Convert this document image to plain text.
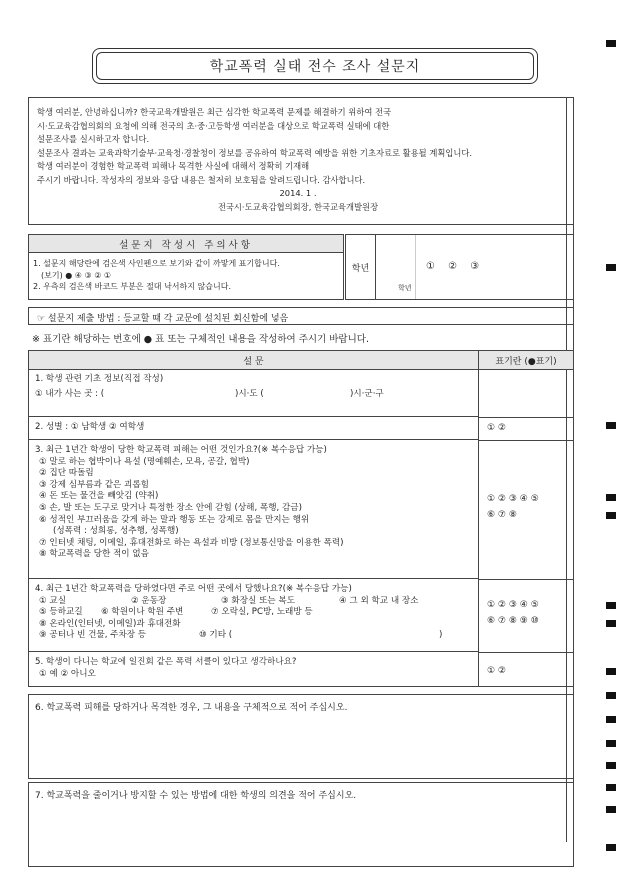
학교폭력 실태 전수 조사 설문지
학생 여러분, 안녕하십니까? 한국교육개발원은 최근 심각한 학교폭력 문제를 해결하기 위하여 전국
시·도교육감협의회의 요청에 의해 전국의 초·중·고등학생 여러분을 대상으로 학교폭력 실태에 대한
설문조사를 실시하고자 합니다.
설문조사 결과는 교육과학기술부·교육청·경찰청이 정보를 공유하여 학교폭력 예방을 위한 기초자료로 활용될 계획입니다.
학생 여러분이 경험한 학교폭력 피해나 목격한 사실에 대해서 정확히 기재해
주시기 바랍니다. 작성자의 정보와 응답 내용은 철저히 보호됨을 알려드립니다. 감사합니다.
2014. 1 .
전국시·도교육감협의회장, 한국교육개발원장
설문지 작성시 주의사항
1. 설문지 해당란에 검은색 사인펜으로 보기와 같이 까맣게 표기합니다.
(보기) ● ④ ③ ② ①
2. 우측의 검은색 바코드 부분은 절대 낙서하지 않습니다.
학년
학년
① ② ③
☞ 설문지 제출 방법 : 등교할 때 각 교문에 설치된 회신함에 넣음
※ 표기란 해당하는 번호에 ● 표 또는 구체적인 내용을 작성하여 주시기 바랍니다.
설 문	표기란 (●표기)
1. 학생 관련 기초 정보(직접 작성)
① 내가 사는 곳 : (	)시·도 (	)시·군·구
2. 성별 : ① 남학생 ② 여학생	① ②
3. 최근 1년간 학생이 당한 학교폭력 피해는 어떤 것인가요?(※ 복수응답 가능)
① 말로 하는 협박이나 욕설 (명예훼손, 모욕, 공갈, 협박)
② 집단 따돌림
③ 강제 심부름과 같은 괴롭힘
④ 돈 또는 물건을 빼앗김 (약취)
⑤ 손, 발 또는 도구로 맞거나 특정한 장소 안에 갇힘 (상해, 폭행, 감금)
⑥ 성적인 부끄러움을 갖게 하는 말과 행동 또는 강제로 몸을 만지는 행위
(성폭력 : 성희롱, 성추행, 성폭행)
⑦ 인터넷 채팅, 이메일, 휴대전화로 하는 욕설과 비방 (정보통신망을 이용한 폭력)
⑧ 학교폭력을 당한 적이 없음
① ② ③ ④ ⑤
⑥ ⑦ ⑧
4. 최근 1년간 학교폭력을 당하였다면 주로 어떤 곳에서 당했나요?(※ 복수응답 가능)
① 교실	② 운동장	③ 화장실 또는 복도	④ 그 외 학교 내 장소
⑤ 등하교길	⑥ 학원이나 학원 주변	⑦ 오락실, PC방, 노래방 등
⑧ 온라인(인터넷, 이메일)과 휴대전화
⑨ 공터나 빈 건물, 주차장 등	⑩ 기타 (	)
① ② ③ ④ ⑤
⑥ ⑦ ⑧ ⑨ ⑩
5. 학생이 다니는 학교에 일진회 같은 폭력 서클이 있다고 생각하나요?
① 예 ② 아니오	① ②
6. 학교폭력 피해를 당하거나 목격한 경우, 그 내용을 구체적으로 적어 주십시오.
7. 학교폭력을 줄이거나 방지할 수 있는 방법에 대한 학생의 의견을 적어 주십시오.
